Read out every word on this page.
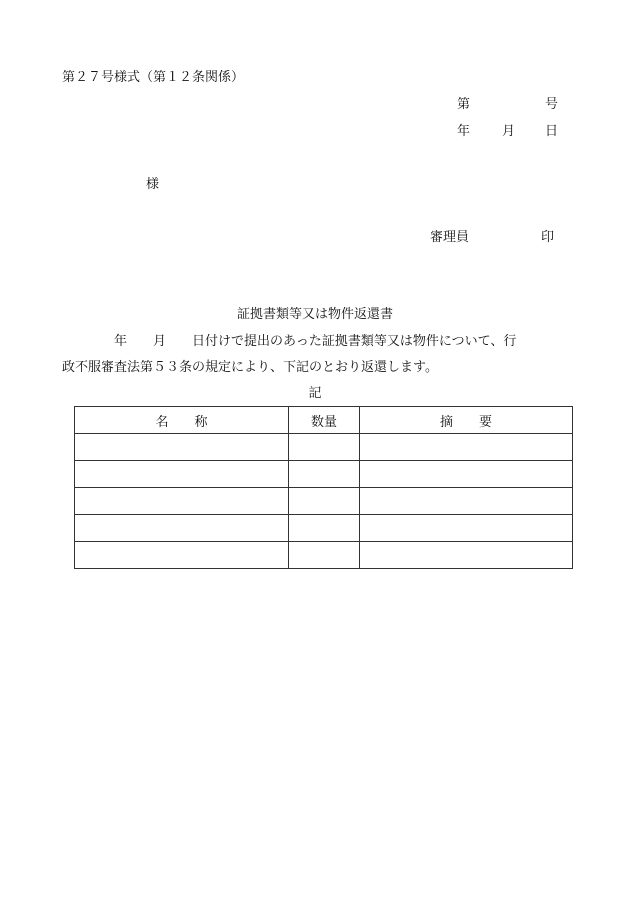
第２７号様式（第１２条関係）
第	号
年 月 日
様
審理員	印
証拠書類等又は物件返還書
　　　　年　　月　　日付けで提出のあった証拠書類等又は物件について、行
政不服審査法第５３条の規定により、下記のとおり返還します。
記
名　　称	数量	摘　　要
